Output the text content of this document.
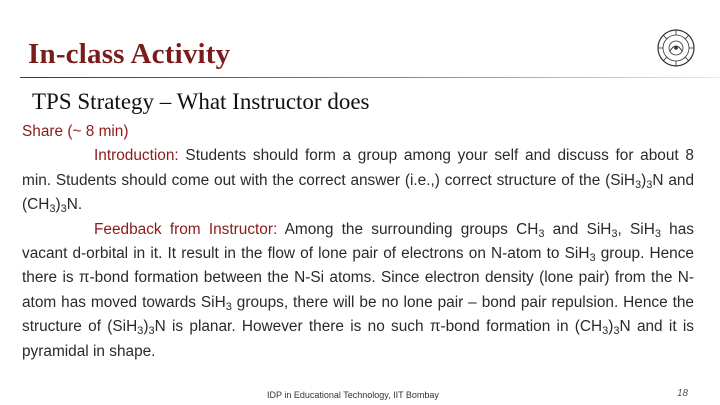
In-class Activity
TPS Strategy – What Instructor does

Share (~ 8 min)

Introduction: Students should form a group among your self and discuss for about 8 min. Students should come out with the correct answer (i.e.,) correct structure of the $(SiH_3)_3N$ and $(CH_3)_3N$.

Feedback from Instructor: Among the surrounding groups $CH_3$ and SiH$_3$, SiH$_3$ has vacant d-orbital in it. It result in the flow of lone pair of electrons on N-atom to SiH$_3$ group. Hence there is π-bond formation between the N-Si atoms. Since electron density (lone pair) from the N-atom has moved towards SiH$_3$ groups, there will be no lone pair – bond pair repulsion. Hence the structure of $(SiH_3)_3N$ is planar. However there is no such π-bond formation in $(CH_3)_3N$ and it is pyramidal in shape.

IDP in Educational Technology, IIT Bombay	18
